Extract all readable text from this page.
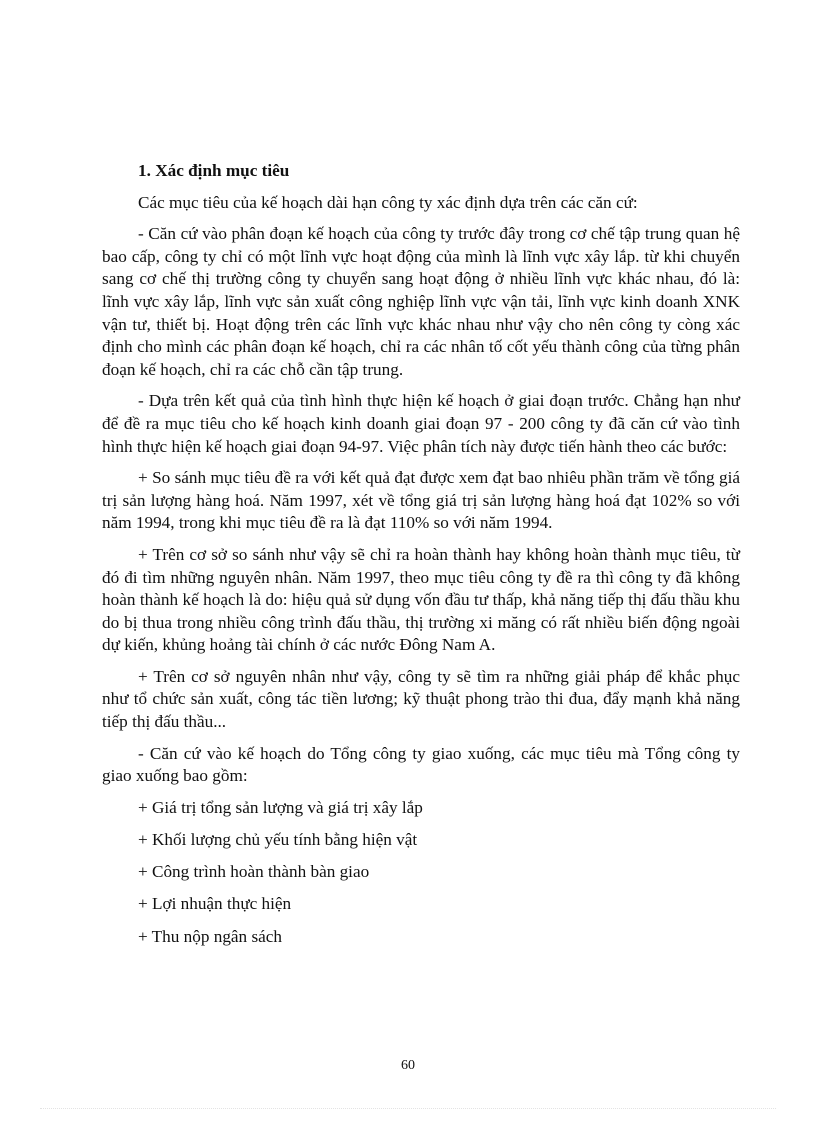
1. Xác định mục tiêu

Các mục tiêu của kế hoạch dài hạn công ty xác định dựa trên các căn cứ:

- Căn cứ vào phân đoạn kế hoạch của công ty trước đây trong cơ chế tập trung quan hệ bao cấp, công ty chỉ có một lĩnh vực hoạt động của mình là lĩnh vực xây lắp. từ khi chuyển sang cơ chế thị trường công ty chuyển sang hoạt động ở nhiều lĩnh vực khác nhau, đó là: lĩnh vực xây lắp, lĩnh vực sản xuất công nghiệp lĩnh vực vận tải, lĩnh vực kinh doanh XNK vận tư, thiết bị. Hoạt động trên các lĩnh vực khác nhau như vậy cho nên công ty còng xác định cho mình các phân đoạn kế hoạch, chỉ ra các nhân tố cốt yếu thành công của từng phân đoạn kế hoạch, chỉ ra các chỗ cần tập trung.

- Dựa trên kết quả của tình hình thực hiện kế hoạch ở giai đoạn trước. Chẳng hạn như để đề ra mục tiêu cho kế hoạch kinh doanh giai đoạn 97 - 200 công ty đã căn cứ vào tình hình thực hiện kế hoạch giai đoạn 94-97. Việc phân tích này được tiến hành theo các bước:

+ So sánh mục tiêu đề ra với kết quả đạt được xem đạt bao nhiêu phần trăm về tổng giá trị sản lượng hàng hoá. Năm 1997, xét về tổng giá trị sản lượng hàng hoá đạt 102% so với năm 1994, trong khi mục tiêu đề ra là đạt 110% so với năm 1994.

+ Trên cơ sở so sánh như vậy sẽ chỉ ra hoàn thành hay không hoàn thành mục tiêu, từ đó đi tìm những nguyên nhân. Năm 1997, theo mục tiêu công ty đề ra thì công ty đã không hoàn thành kế hoạch là do: hiệu quả sử dụng vốn đầu tư thấp, khả năng tiếp thị đấu thầu khu do bị thua trong nhiều công trình đấu thầu, thị trường xi măng có rất nhiều biến động ngoài dự kiến, khủng hoảng tài chính ở các nước Đông Nam A.

+ Trên cơ sở nguyên nhân như vậy, công ty sẽ tìm ra những giải pháp để khắc phục như tổ chức sản xuất, công tác tiền lương; kỹ thuật phong trào thi đua, đẩy mạnh khả năng tiếp thị đấu thầu...

- Căn cứ vào kế hoạch do Tổng công ty giao xuống, các mục tiêu mà Tổng công ty giao xuống bao gồm:

+ Giá trị tổng sản lượng và giá trị xây lắp

+ Khối lượng chủ yếu tính bằng hiện vật

+ Công trình hoàn thành bàn giao

+ Lợi nhuận thực hiện

+ Thu nộp ngân sách

60
